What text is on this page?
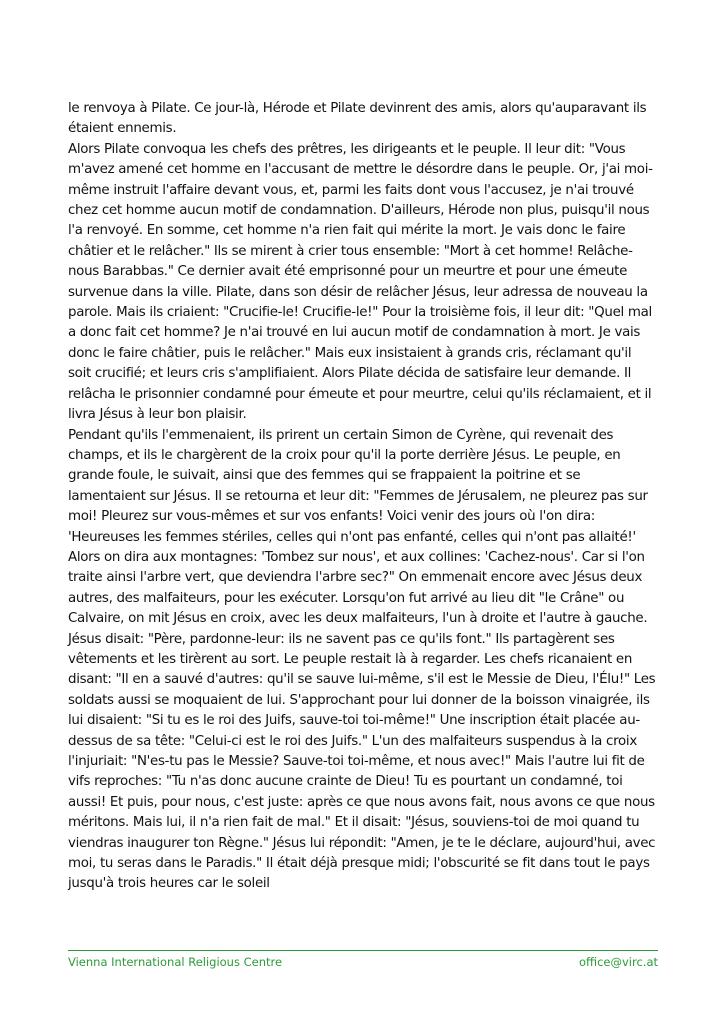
le renvoya à Pilate. Ce jour-là, Hérode et Pilate devinrent des amis, alors qu'auparavant ils étaient ennemis.

Alors Pilate convoqua les chefs des prêtres, les dirigeants et le peuple. Il leur dit: "Vous m'avez amené cet homme en l'accusant de mettre le désordre dans le peuple. Or, j'ai moi-même instruit l'affaire devant vous, et, parmi les faits dont vous l'accusez, je n'ai trouvé chez cet homme aucun motif de condamnation. D'ailleurs, Hérode non plus, puisqu'il nous l'a renvoyé. En somme, cet homme n'a rien fait qui mérite la mort. Je vais donc le faire châtier et le relâcher." Ils se mirent à crier tous ensemble: "Mort à cet homme! Relâche-nous Barabbas." Ce dernier avait été emprisonné pour un meurtre et pour une émeute survenue dans la ville. Pilate, dans son désir de relâcher Jésus, leur adressa de nouveau la parole. Mais ils criaient: "Crucifie-le! Crucifie-le!" Pour la troisième fois, il leur dit: "Quel mal a donc fait cet homme? Je n'ai trouvé en lui aucun motif de condamnation à mort. Je vais donc le faire châtier, puis le relâcher." Mais eux insistaient à grands cris, réclamant qu'il soit crucifié; et leurs cris s'amplifiaient. Alors Pilate décida de satisfaire leur demande. Il relâcha le prisonnier condamné pour émeute et pour meurtre, celui qu'ils réclamaient, et il livra Jésus à leur bon plaisir.

Pendant qu'ils l'emmenaient, ils prirent un certain Simon de Cyrène, qui revenait des champs, et ils le chargèrent de la croix pour qu'il la porte derrière Jésus. Le peuple, en grande foule, le suivait, ainsi que des femmes qui se frappaient la poitrine et se lamentaient sur Jésus. Il se retourna et leur dit: "Femmes de Jérusalem, ne pleurez pas sur moi! Pleurez sur vous-mêmes et sur vos enfants! Voici venir des jours où l'on dira: 'Heureuses les femmes stériles, celles qui n'ont pas enfanté, celles qui n'ont pas allaité!' Alors on dira aux montagnes: 'Tombez sur nous', et aux collines: 'Cachez-nous'. Car si l'on traite ainsi l'arbre vert, que deviendra l'arbre sec?" On emmenait encore avec Jésus deux autres, des malfaiteurs, pour les exécuter. Lorsqu'on fut arrivé au lieu dit "le Crâne" ou Calvaire, on mit Jésus en croix, avec les deux malfaiteurs, l'un à droite et l'autre à gauche. Jésus disait: "Père, pardonne-leur: ils ne savent pas ce qu'ils font." Ils partagèrent ses vêtements et les tirèrent au sort. Le peuple restait là à regarder. Les chefs ricanaient en disant: "Il en a sauvé d'autres: qu'il se sauve lui-même, s'il est le Messie de Dieu, l'Élu!" Les soldats aussi se moquaient de lui. S'approchant pour lui donner de la boisson vinaigrée, ils lui disaient: "Si tu es le roi des Juifs, sauve-toi toi-même!" Une inscription était placée au-dessus de sa tête: "Celui-ci est le roi des Juifs." L'un des malfaiteurs suspendus à la croix l'injuriait: "N'es-tu pas le Messie? Sauve-toi toi-même, et nous avec!" Mais l'autre lui fit de vifs reproches: "Tu n'as donc aucune crainte de Dieu! Tu es pourtant un condamné, toi aussi! Et puis, pour nous, c'est juste: après ce que nous avons fait, nous avons ce que nous méritons. Mais lui, il n'a rien fait de mal." Et il disait: "Jésus, souviens-toi de moi quand tu viendras inaugurer ton Règne." Jésus lui répondit: "Amen, je te le déclare, aujourd'hui, avec moi, tu seras dans le Paradis." Il était déjà presque midi; l'obscurité se fit dans tout le pays jusqu'à trois heures car le soleil

Vienna International Religious Centre	office@virc.at
